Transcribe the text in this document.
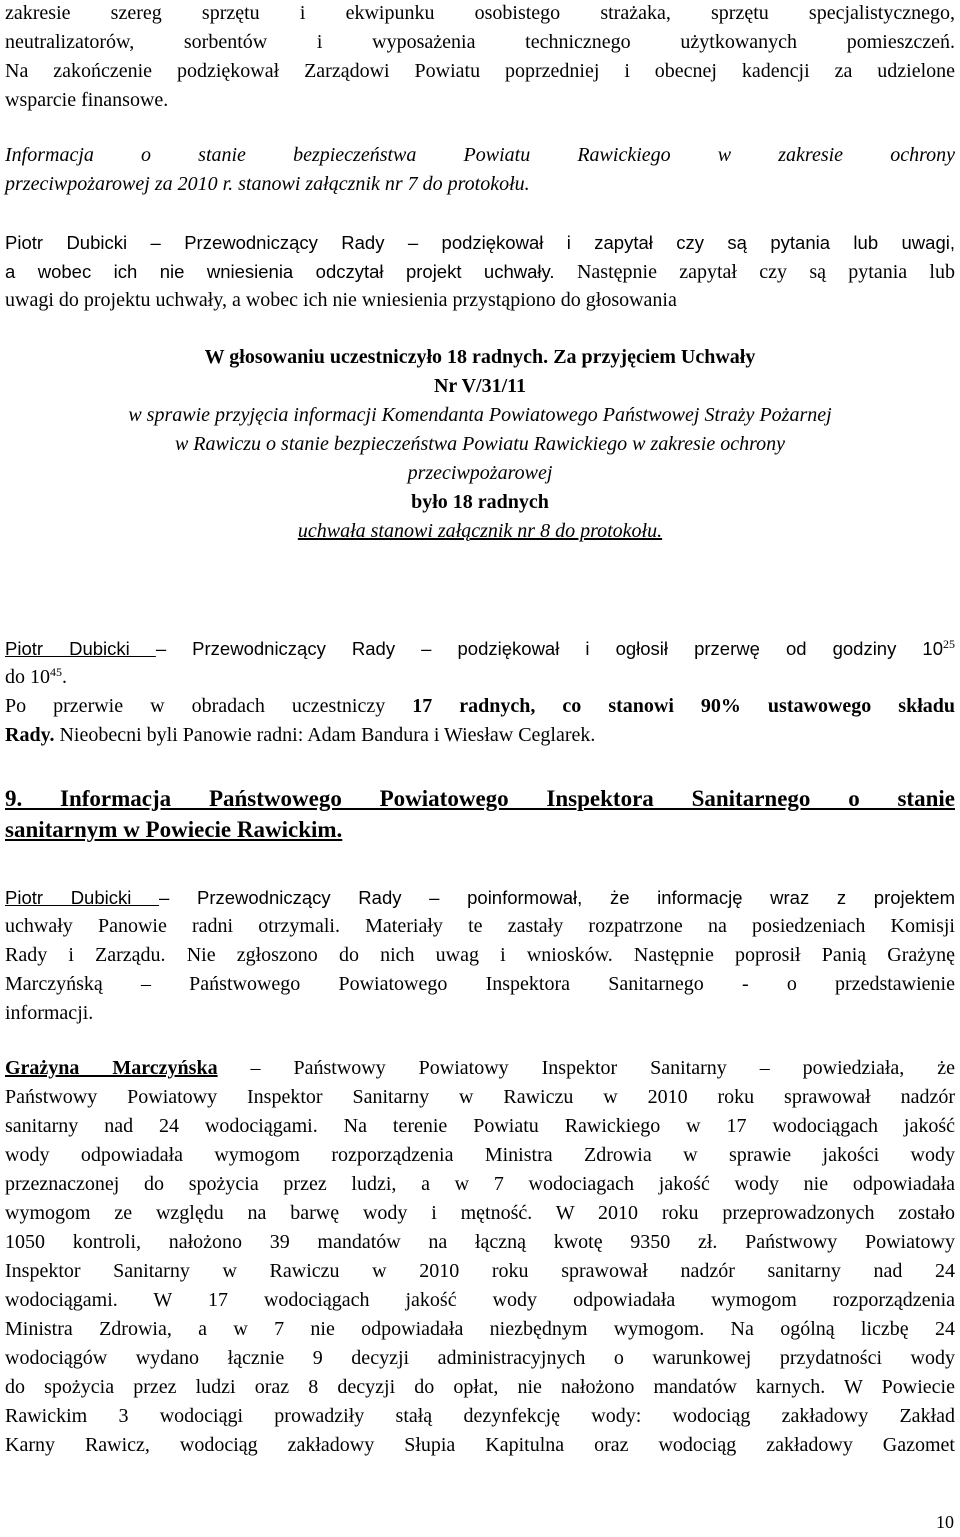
zakresie szereg sprzętu i ekwipunku osobistego strażaka, sprzętu specjalistycznego,
neutralizatorów, sorbentów i wyposażenia technicznego użytkowanych pomieszczeń.
Na zakończenie podziękował Zarządowi Powiatu poprzedniej i obecnej kadencji za udzielone
wsparcie finansowe.
Informacja o stanie bezpieczeństwa Powiatu Rawickiego w zakresie ochrony
przeciwpożarowej za 2010 r. stanowi załącznik nr 7 do protokołu.
Piotr Dubicki – Przewodniczący Rady – podziękował i zapytał czy są pytania lub uwagi,
a wobec ich nie wniesienia odczytał projekt uchwały. Następnie zapytał czy są pytania lub
uwagi do projektu uchwały, a wobec ich nie wniesienia przystąpiono do głosowania
W głosowaniu uczestniczyło 18 radnych. Za przyjęciem Uchwały
Nr V/31/11
w sprawie przyjęcia informacji Komendanta Powiatowego Państwowej Straży Pożarnej
w Rawiczu o stanie bezpieczeństwa Powiatu Rawickiego w zakresie ochrony
przeciwpożarowej
było 18 radnych
uchwała stanowi załącznik nr 8 do protokołu.
Piotr Dubicki – Przewodniczący Rady – podziękował i ogłosił przerwę od godziny $10^{25}$
do $10^{45}$.
Po przerwie w obradach uczestniczy 17 radnych, co stanowi 90% ustawowego składu
Rady. Nieobecni byli Panowie radni: Adam Bandura i Wiesław Ceglarek.
9. Informacja Państwowego Powiatowego Inspektora Sanitarnego o stanie
sanitarnym w Powiecie Rawickim.
Piotr Dubicki – Przewodniczący Rady – poinformował, że informację wraz z projektem
uchwały Panowie radni otrzymali. Materiały te zastały rozpatrzone na posiedzeniach Komisji
Rady i Zarządu. Nie zgłoszono do nich uwag i wniosków. Następnie poprosił Panią Grażynę
Marczyńską – Państwowego Powiatowego Inspektora Sanitarnego - o przedstawienie
informacji.
Grażyna Marczyńska – Państwowy Powiatowy Inspektor Sanitarny – powiedziała, że
Państwowy Powiatowy Inspektor Sanitarny w Rawiczu w 2010 roku sprawował nadzór
sanitarny nad 24 wodociągami. Na terenie Powiatu Rawickiego w 17 wodociągach jakość
wody odpowiadała wymogom rozporządzenia Ministra Zdrowia w sprawie jakości wody
przeznaczonej do spożycia przez ludzi, a w 7 wodociagach jakość wody nie odpowiadała
wymogom ze względu na barwę wody i mętność. W 2010 roku przeprowadzonych zostało
1050 kontroli, nałożono 39 mandatów na łączną kwotę 9350 zł. Państwowy Powiatowy
Inspektor Sanitarny w Rawiczu w 2010 roku sprawował nadzór sanitarny nad 24
wodociągami. W 17 wodociągach jakość wody odpowiadała wymogom rozporządzenia
Ministra Zdrowia, a w 7 nie odpowiadała niezbędnym wymogom. Na ogólną liczbę 24
wodociągów wydano łącznie 9 decyzji administracyjnych o warunkowej przydatności wody
do spożycia przez ludzi oraz 8 decyzji do opłat, nie nałożono mandatów karnych. W Powiecie
Rawickim 3 wodociągi prowadziły stałą dezynfekcję wody: wodociąg zakładowy Zakład
Karny Rawicz, wodociąg zakładowy Słupia Kapitulna oraz wodociąg zakładowy Gazomet
10
